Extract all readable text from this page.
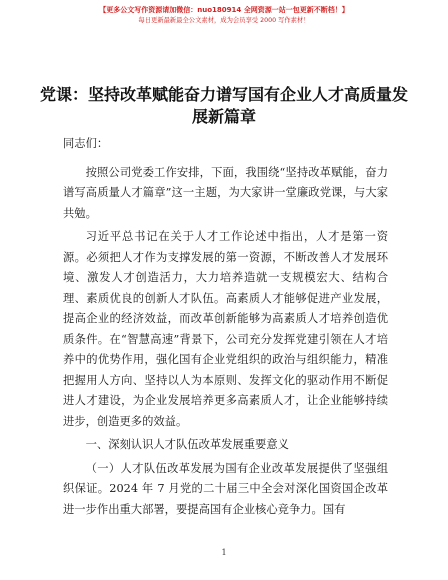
【更多公文写作资源请加微信：nuo180914 全网资源一站一包更新不断档！】
每日更新最新最全公文素材，成为会员享受 2000 写作素材！
党课：坚持改革赋能奋力谱写国有企业人才高质量发展新篇章

同志们：

按照公司党委工作安排，下面，我围绕“坚持改革赋能，奋力谱写高质量人才篇章”这一主题，为大家讲一堂廉政党课，与大家共勉。

习近平总书记在关于人才工作论述中指出，人才是第一资源。必须把人才作为支撑发展的第一资源，不断改善人才发展环境、激发人才创造活力，大力培养造就一支规模宏大、结构合理、素质优良的创新人才队伍。高素质人才能够促进产业发展，提高企业的经济效益，而改革创新能够为高素质人才培养创造优质条件。在“智慧高速”背景下，公司充分发挥党建引领在人才培养中的优势作用，强化国有企业党组织的政治与组织能力，精准把握用人方向、坚持以人为本原则、发挥文化的驱动作用不断促进人才建设，为企业发展培养更多高素质人才，让企业能够持续进步，创造更多的效益。

一、深刻认识人才队伍改革发展重要意义

（一）人才队伍改革发展为国有企业改革发展提供了坚强组织保证。2024 年 7 月党的二十届三中全会对深化国资国企改革进一步作出重大部署，要提高国有企业核心竞争力。国有

1
